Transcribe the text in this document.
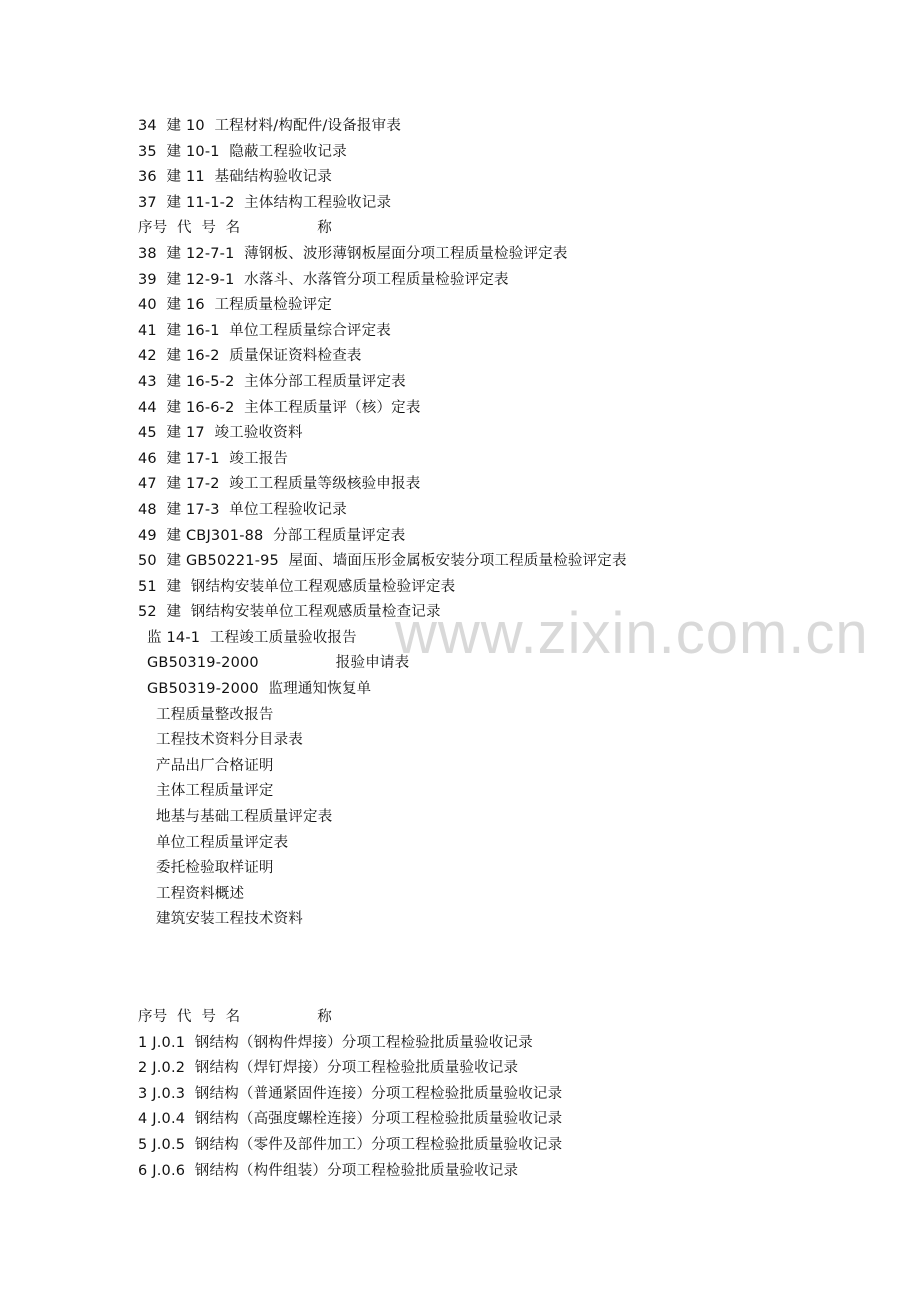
www.zixin.com.cn
34  建 10  工程材料/构配件/设备报审表
35  建 10-1  隐蔽工程验收记录
36  建 11  基础结构验收记录
37  建 11-1-2  主体结构工程验收记录
序号  代  号  名                称
38  建 12-7-1  薄钢板、波形薄钢板屋面分项工程质量检验评定表
39  建 12-9-1  水落斗、水落管分项工程质量检验评定表
40  建 16  工程质量检验评定
41  建 16-1  单位工程质量综合评定表
42  建 16-2  质量保证资料检查表
43  建 16-5-2  主体分部工程质量评定表
44  建 16-6-2  主体工程质量评（核）定表
45  建 17  竣工验收资料
46  建 17-1  竣工报告
47  建 17-2  竣工工程质量等级核验申报表
48  建 17-3  单位工程验收记录
49  建 CBJ301-88  分部工程质量评定表
50  建 GB50221-95  屋面、墙面压形金属板安装分项工程质量检验评定表
51  建  钢结构安装单位工程观感质量检验评定表
52  建  钢结构安装单位工程观感质量检查记录
监 14-1  工程竣工质量验收报告
GB50319-2000                报验申请表
GB50319-2000  监理通知恢复单
工程质量整改报告
工程技术资料分目录表
产品出厂合格证明
主体工程质量评定
地基与基础工程质量评定表
单位工程质量评定表
委托检验取样证明
工程资料概述
建筑安装工程技术资料
序号  代  号  名                称
1 J.0.1  钢结构（钢构件焊接）分项工程检验批质量验收记录
2 J.0.2  钢结构（焊钉焊接）分项工程检验批质量验收记录
3 J.0.3  钢结构（普通紧固件连接）分项工程检验批质量验收记录
4 J.0.4  钢结构（高强度螺栓连接）分项工程检验批质量验收记录
5 J.0.5  钢结构（零件及部件加工）分项工程检验批质量验收记录
6 J.0.6  钢结构（构件组装）分项工程检验批质量验收记录
